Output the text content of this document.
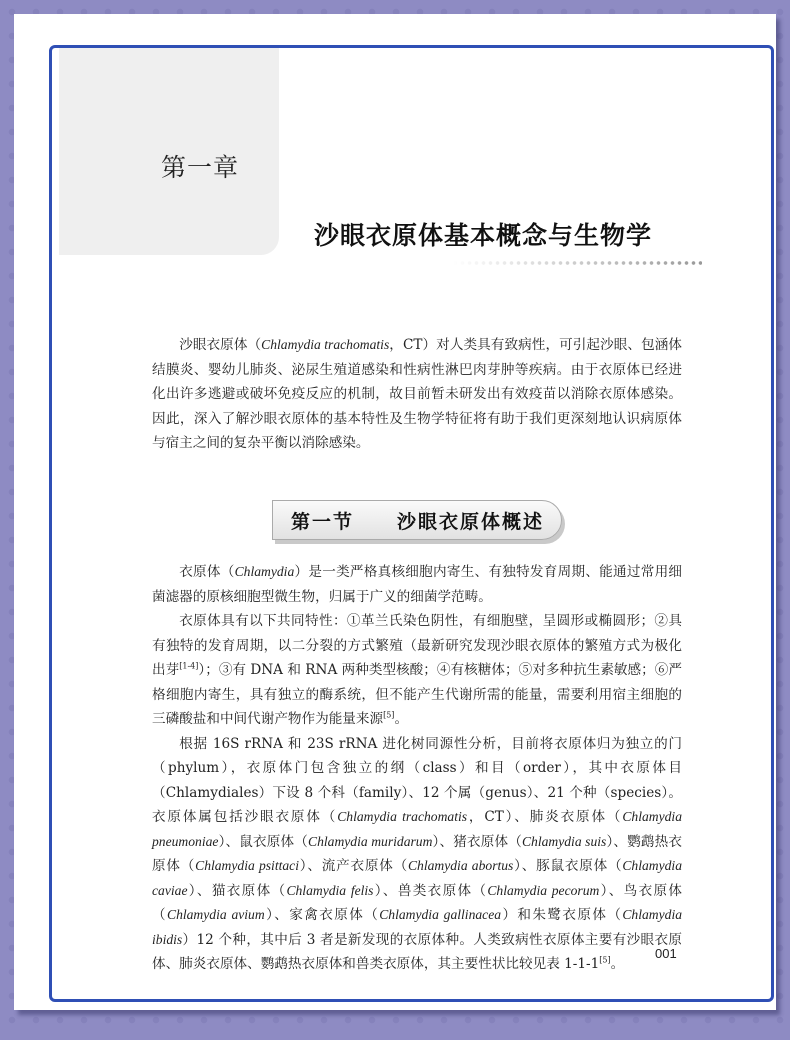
第一章
沙眼衣原体基本概念与生物学

沙眼衣原体（Chlamydia trachomatis，CT）对人类具有致病性，可引起沙眼、包涵体结膜炎、婴幼儿肺炎、泌尿生殖道感染和性病性淋巴肉芽肿等疾病。由于衣原体已经进化出许多逃避或破坏免疫反应的机制，故目前暂未研发出有效疫苗以消除衣原体感染。因此，深入了解沙眼衣原体的基本特性及生物学特征将有助于我们更深刻地认识病原体与宿主之间的复杂平衡以消除感染。

第一节 沙眼衣原体概述

衣原体（Chlamydia）是一类严格真核细胞内寄生、有独特发育周期、能通过常用细菌滤器的原核细胞型微生物，归属于广义的细菌学范畴。

衣原体具有以下共同特性：①革兰氏染色阴性，有细胞壁，呈圆形或椭圆形；②具有独特的发育周期，以二分裂的方式繁殖（最新研究发现沙眼衣原体的繁殖方式为极化出芽[1-4]）；③有 DNA 和 RNA 两种类型核酸；④有核糖体；⑤对多种抗生素敏感；⑥严格细胞内寄生，具有独立的酶系统，但不能产生代谢所需的能量，需要利用宿主细胞的三磷酸盐和中间代谢产物作为能量来源[5]。

根据 16S rRNA 和 23S rRNA 进化树同源性分析，目前将衣原体归为独立的门（phylum），衣原体门包含独立的纲（class）和目（order），其中衣原体目（Chlamydiales）下设 8 个科（family）、12 个属（genus）、21 个种（species）。衣原体属包括沙眼衣原体（Chlamydia trachomatis，CT）、肺炎衣原体（Chlamydia pneumoniae）、鼠衣原体（Chlamydia muridarum）、猪衣原体（Chlamydia suis）、鹦鹉热衣原体（Chlamydia psittaci）、流产衣原体（Chlamydia abortus）、豚鼠衣原体（Chlamydia caviae）、猫衣原体（Chlamydia felis）、兽类衣原体（Chlamydia pecorum）、鸟衣原体（Chlamydia avium）、家禽衣原体（Chlamydia gallinacea）和朱鹭衣原体（Chlamydia ibidis）12 个种，其中后 3 者是新发现的衣原体种。人类致病性衣原体主要有沙眼衣原体、肺炎衣原体、鹦鹉热衣原体和兽类衣原体，其主要性状比较见表 1-1-1[5]。

001
